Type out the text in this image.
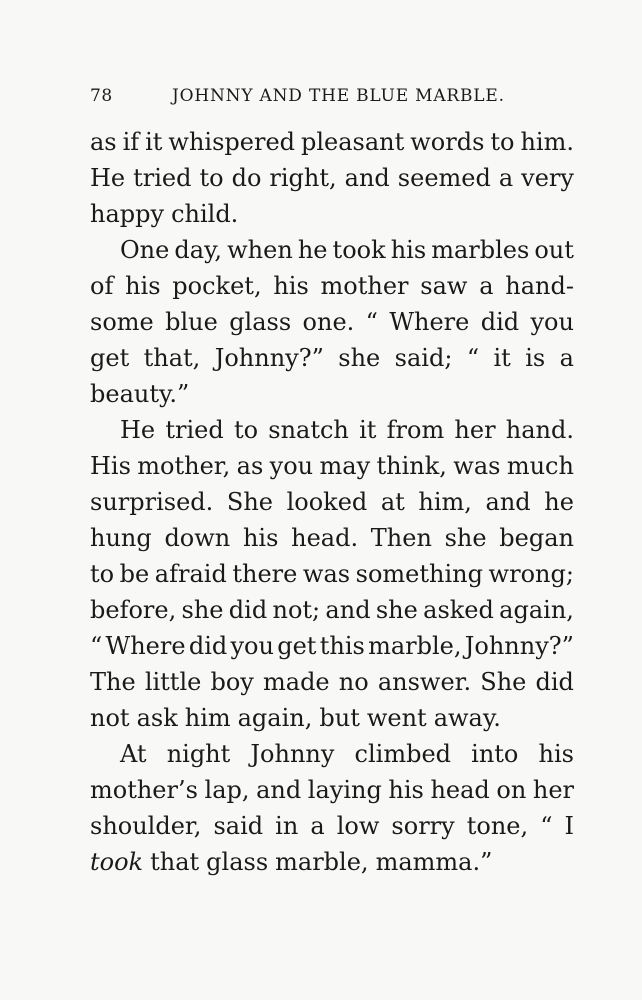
78	JOHNNY AND THE BLUE MARBLE.
as if it whispered pleasant words to him.
He tried to do right, and seemed a very
happy child.
One day, when he took his marbles out
of his pocket, his mother saw a hand-
some blue glass one. “ Where did you
get that, Johnny?” she said; “ it is a
beauty.”
He tried to snatch it from her hand.
His mother, as you may think, was much
surprised. She looked at him, and he
hung down his head. Then she began
to be afraid there was something wrong;
before, she did not; and she asked again,
“ Where did you get this marble, Johnny?”
The little boy made no answer. She did
not ask him again, but went away.
At night Johnny climbed into his
mother’s lap, and laying his head on her
shoulder, said in a low sorry tone, “ I
took that glass marble, mamma.”
